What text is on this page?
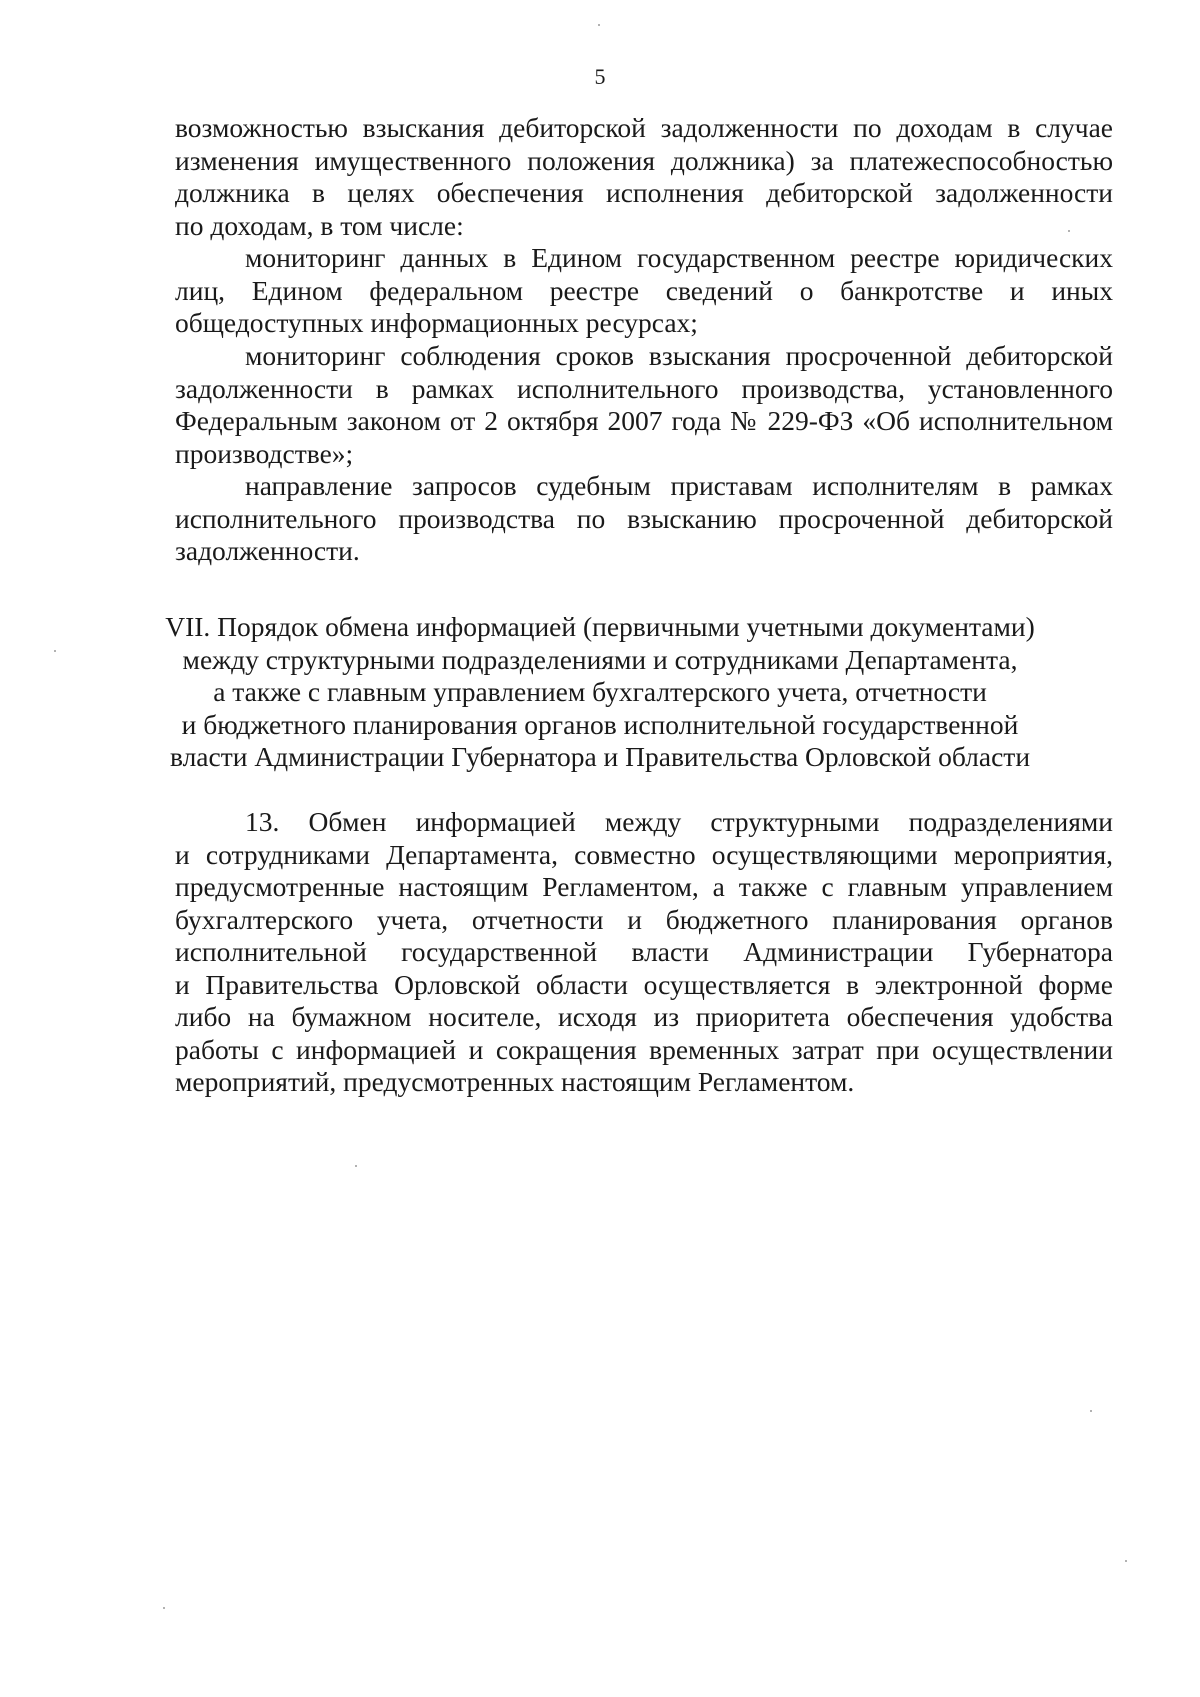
5
возможностью взыскания дебиторской задолженности по доходам в случае
изменения имущественного положения должника) за платежеспособностью
должника в целях обеспечения исполнения дебиторской задолженности
по доходам, в том числе:
мониторинг данных в Едином государственном реестре юридических
лиц, Едином федеральном реестре сведений о банкротстве и иных
общедоступных информационных ресурсах;
мониторинг соблюдения сроков взыскания просроченной дебиторской
задолженности в рамках исполнительного производства, установленного
Федеральным законом от 2 октября 2007 года № 229-ФЗ «Об исполнительном
производстве»;
направление запросов судебным приставам исполнителям в рамках
исполнительного производства по взысканию просроченной дебиторской
задолженности.
VII. Порядок обмена информацией (первичными учетными документами)
между структурными подразделениями и сотрудниками Департамента,
а также с главным управлением бухгалтерского учета, отчетности
и бюджетного планирования органов исполнительной государственной
власти Администрации Губернатора и Правительства Орловской области
13. Обмен информацией между структурными подразделениями
и сотрудниками Департамента, совместно осуществляющими мероприятия,
предусмотренные настоящим Регламентом, а также с главным управлением
бухгалтерского учета, отчетности и бюджетного планирования органов
исполнительной государственной власти Администрации Губернатора
и Правительства Орловской области осуществляется в электронной форме
либо на бумажном носителе, исходя из приоритета обеспечения удобства
работы с информацией и сокращения временных затрат при осуществлении
мероприятий, предусмотренных настоящим Регламентом.
